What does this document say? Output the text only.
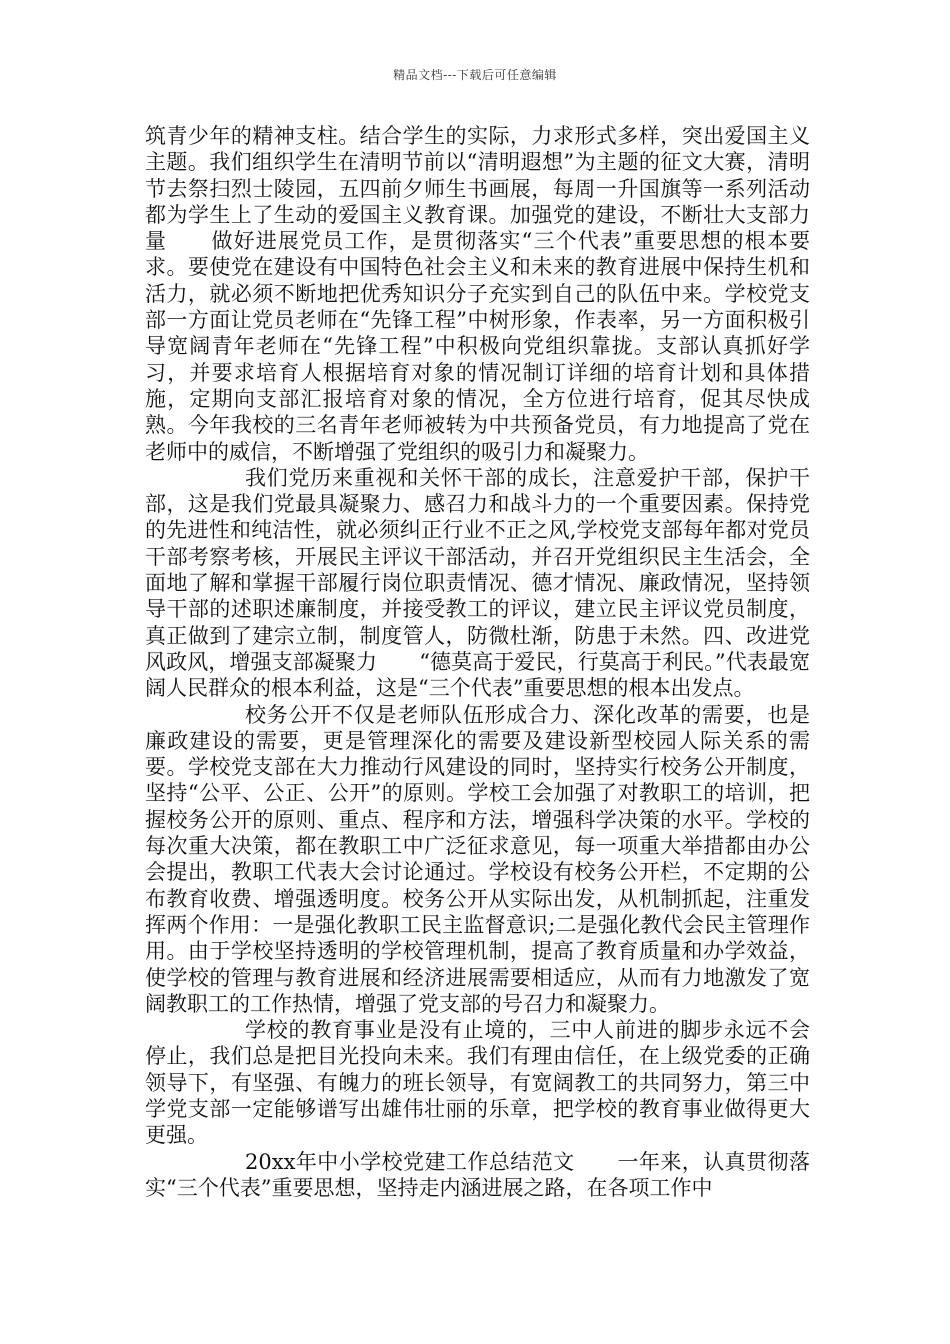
精品文档---下载后可任意编辑

筑青少年的精神支柱。结合学生的实际，力求形式多样，突出爱国主义主题。我们组织学生在清明节前以“清明遐想”为主题的征文大赛，清明节去祭扫烈士陵园，五四前夕师生书画展，每周一升国旗等一系列活动都为学生上了生动的爱国主义教育课。加强党的建设，不断壮大支部力量　　做好进展党员工作，是贯彻落实“三个代表”重要思想的根本要求。要使党在建设有中国特色社会主义和未来的教育进展中保持生机和活力，就必须不断地把优秀知识分子充实到自己的队伍中来。学校党支部一方面让党员老师在“先锋工程”中树形象，作表率，另一方面积极引导宽阔青年老师在“先锋工程”中积极向党组织靠拢。支部认真抓好学习，并要求培育人根据培育对象的情况制订详细的培育计划和具体措施，定期向支部汇报培育对象的情况，全方位进行培育，促其尽快成熟。今年我校的三名青年老师被转为中共预备党员，有力地提高了党在老师中的威信，不断增强了党组织的吸引力和凝聚力。

我们党历来重视和关怀干部的成长，注意爱护干部，保护干部，这是我们党最具凝聚力、感召力和战斗力的一个重要因素。保持党的先进性和纯洁性，就必须纠正行业不正之风,学校党支部每年都对党员干部考察考核，开展民主评议干部活动，并召开党组织民主生活会，全面地了解和掌握干部履行岗位职责情况、德才情况、廉政情况，坚持领导干部的述职述廉制度，并接受教工的评议，建立民主评议党员制度，真正做到了建宗立制，制度管人，防微杜渐，防患于未然。四、改进党风政风，增强支部凝聚力　　“德莫高于爱民，行莫高于利民。”代表最宽阔人民群众的根本利益，这是“三个代表”重要思想的根本出发点。

校务公开不仅是老师队伍形成合力、深化改革的需要，也是廉政建设的需要，更是管理深化的需要及建设新型校园人际关系的需要。学校党支部在大力推动行风建设的同时，坚持实行校务公开制度，坚持“公平、公正、公开”的原则。学校工会加强了对教职工的培训，把握校务公开的原则、重点、程序和方法，增强科学决策的水平。学校的每次重大决策，都在教职工中广泛征求意见，每一项重大举措都由办公会提出，教职工代表大会讨论通过。学校设有校务公开栏，不定期的公布教育收费、增强透明度。校务公开从实际出发，从机制抓起，注重发挥两个作用：一是强化教职工民主监督意识;二是强化教代会民主管理作用。由于学校坚持透明的学校管理机制，提高了教育质量和办学效益，使学校的管理与教育进展和经济进展需要相适应，从而有力地激发了宽阔教职工的工作热情，增强了党支部的号召力和凝聚力。

学校的教育事业是没有止境的，三中人前进的脚步永远不会停止，我们总是把目光投向未来。我们有理由信任，在上级党委的正确领导下，有坚强、有魄力的班长领导，有宽阔教工的共同努力，第三中学党支部一定能够谱写出雄伟壮丽的乐章，把学校的教育事业做得更大更强。

20xx年中小学校党建工作总结范文　　一年来，认真贯彻落实“三个代表”重要思想，坚持走内涵进展之路，在各项工作中
